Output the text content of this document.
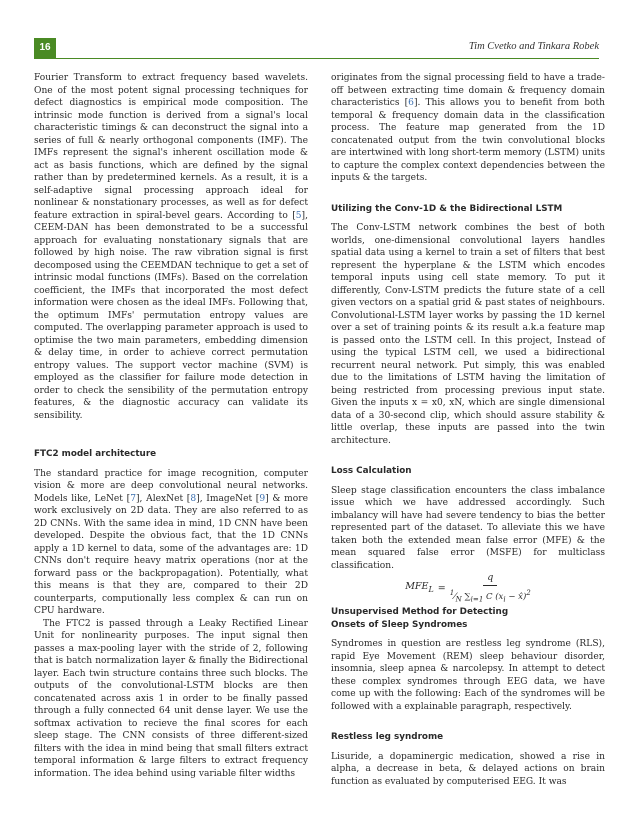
16	Tim Cvetko and Tinkara Robek

Fourier Transform to extract frequency based wavelets. One of the most potent signal processing techniques for defect diagnostics is empirical mode composition. The intrinsic mode function is derived from a signal's local characteristic timings & can deconstruct the signal into a series of full & nearly orthogonal components (IMF). The IMFs represent the signal's inherent oscillation mode & act as basis functions, which are defined by the signal rather than by predetermined kernels. As a result, it is a self-adaptive signal processing approach ideal for nonlinear & nonstationary processes, as well as for defect feature extraction in spiral-bevel gears. According to [5], CEEM-DAN has been demonstrated to be a successful approach for evaluating nonstationary signals that are followed by high noise. The raw vibration signal is first decomposed using the CEEMDAN technique to get a set of intrinsic modal functions (IMFs). Based on the correlation coefficient, the IMFs that incorporated the most defect information were chosen as the ideal IMFs. Following that, the optimum IMFs' permutation entropy values are computed. The overlapping parameter approach is used to optimise the two main parameters, embedding dimension & delay time, in order to achieve correct permutation entropy values. The support vector machine (SVM) is employed as the classifier for failure mode detection in order to check the sensibility of the permutation entropy features, & the diagnostic accuracy can validate its sensibility.

FTC2 model architecture

The standard practice for image recognition, computer vision & more are deep convolutional neural networks. Models like, LeNet [7], AlexNet [8], ImageNet [9] & more work exclusively on 2D data. They are also referred to as 2D CNNs. With the same idea in mind, 1D CNN have been developed. Despite the obvious fact, that the 1D CNNs apply a 1D kernel to data, some of the advantages are: 1D CNNs don't require heavy matrix operations (nor at the forward pass or the backpropagation). Potentially, what this means is that they are, compared to their 2D counterparts, computionally less complex & can run on CPU hardware.

The FTC2 is passed through a Leaky Rectified Linear Unit for nonlinearity purposes. The input signal then passes a max-pooling layer with the stride of 2, following that is batch normalization layer & finally the Bidirectional layer. Each twin structure contains three such blocks. The outputs of the convolutional-LSTM blocks are then concatenated across axis 1 in order to be finally passed through a fully connected 64 unit dense layer. We use the softmax activation to recieve the final scores for each sleep stage. The CNN consists of three different-sized filters with the idea in mind being that small filters extract temporal information & large filters to extract frequency information. The idea behind using variable filter widths

originates from the signal processing field to have a trade-off between extracting time domain & frequency domain characteristics [6]. This allows you to benefit from both temporal & frequency domain data in the classification process. The feature map generated from the 1D concatenated output from the twin convolutional blocks are intertwined with long short-term memory (LSTM) units to capture the complex context dependencies between the inputs & the targets.

Utilizing the Conv-1D & the Bidirectional LSTM

The Conv-LSTM network combines the best of both worlds, one-dimensional convolutional layers handles spatial data using a kernel to train a set of filters that best represent the hyperplane & the LSTM which encodes temporal inputs using cell state memory. To put it differently, Conv-LSTM predicts the future state of a cell given vectors on a spatial grid & past states of neighbours. Convolutional-LSTM layer works by passing the 1D kernel over a set of training points & its result a.k.a feature map is passed onto the LSTM cell. In this project, Instead of using the typical LSTM cell, we used a bidirectional recurrent neural network. Put simply, this was enabled due to the limitations of LSTM having the limitation of being restricted from processing previous input state. Given the inputs x = x0, xN, which are single dimensional data of a 30-second clip, which should assure stability & little overlap, these inputs are passed into the twin architecture.

Loss Calculation

Sleep stage classification encounters the class imbalance issue which we have addressed accordingly. Such imbalancy will have had severe tendency to bias the better represented part of the dataset. To alleviate this we have taken both the extended mean false error (MFE) & the mean squared false error (MSFE) for multiclass classification.

$MFE_L = \frac{q}{^1⁄_N \sum_{i=1} C (x_i - x̂)^2}$

Unsupervised Method for Detecting
Onsets of Sleep Syndromes

Syndromes in question are restless leg syndrome (RLS), rapid Eye Movement (REM) sleep behaviour disorder, insomnia, sleep apnea & narcolepsy. In attempt to detect these complex syndromes through EEG data, we have come up with the following: Each of the syndromes will be followed with a explainable paragraph, respectively.

Restless leg syndrome

Lisuride, a dopaminergic medication, showed a rise in alpha, a decrease in beta, & delayed actions on brain function as evaluated by computerised EEG. It was
